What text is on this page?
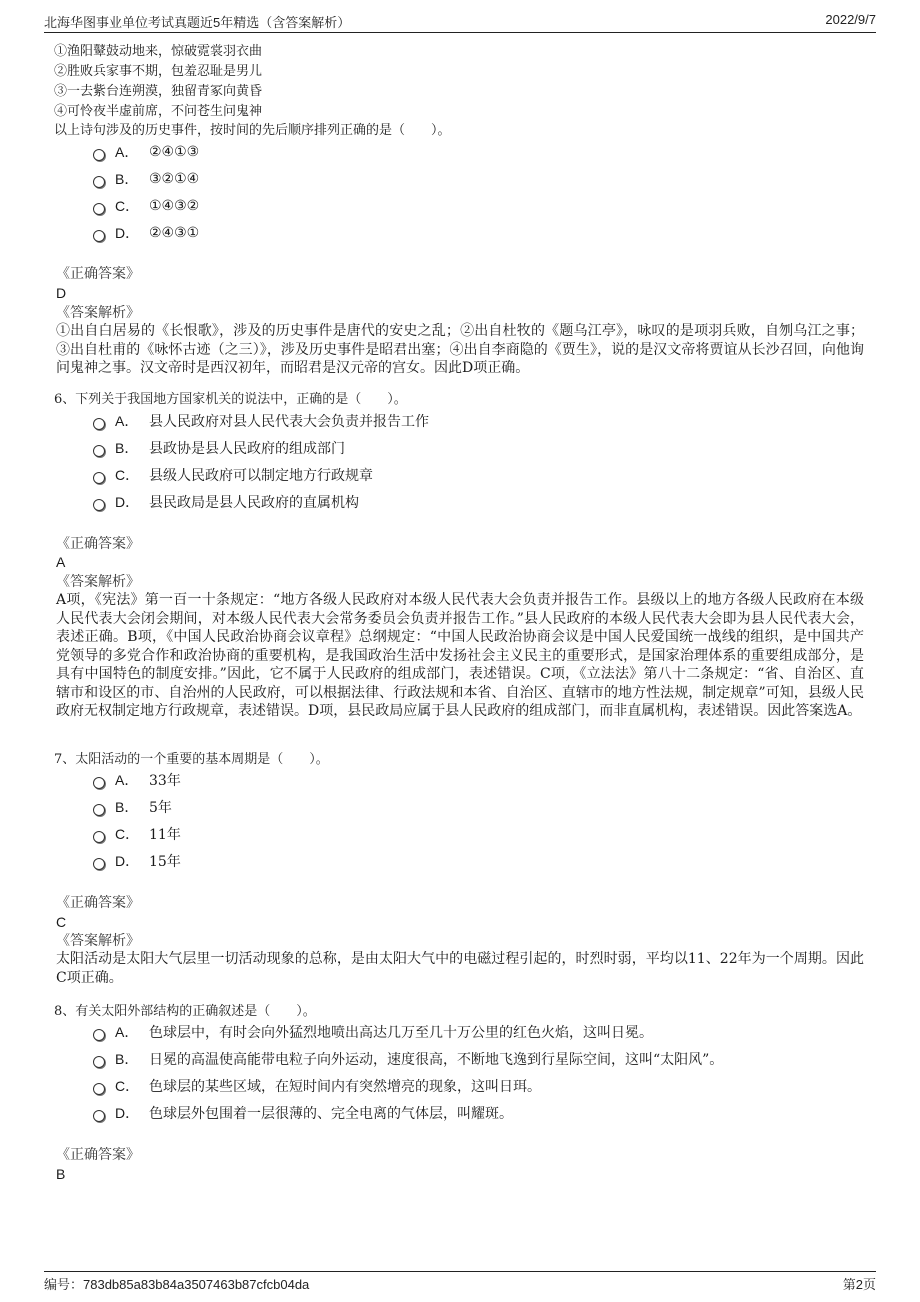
北海华图事业单位考试真题近5年精选（含答案解析）	2022/9/7
①渔阳鼙鼓动地来，惊破霓裳羽衣曲
②胜败兵家事不期，包羞忍耻是男儿
③一去紫台连朔漠，独留青冢向黄昏
④可怜夜半虚前席，不问苍生问鬼神
以上诗句涉及的历史事件，按时间的先后顺序排列正确的是（　　）。
A． ②④①③
B． ③②①④
C． ①④③②
D． ②④③①
《正确答案》
D
《答案解析》
①出自白居易的《长恨歌》，涉及的历史事件是唐代的安史之乱；②出自杜牧的《题乌江亭》，咏叹的是项羽兵败，自刎乌江之事；③出自杜甫的《咏怀古迹（之三）》，涉及历史事件是昭君出塞；④出自李商隐的《贾生》，说的是汉文帝将贾谊从长沙召回，向他询问鬼神之事。汉文帝时是西汉初年，而昭君是汉元帝的宫女。因此D项正确。
6、下列关于我国地方国家机关的说法中，正确的是（　　）。
A． 县人民政府对县人民代表大会负责并报告工作
B． 县政协是县人民政府的组成部门
C． 县级人民政府可以制定地方行政规章
D． 县民政局是县人民政府的直属机构
《正确答案》
A
《答案解析》
A项，《宪法》第一百一十条规定：“地方各级人民政府对本级人民代表大会负责并报告工作。县级以上的地方各级人民政府在本级人民代表大会闭会期间，对本级人民代表大会常务委员会负责并报告工作。”县人民政府的本级人民代表大会即为县人民代表大会，表述正确。B项，《中国人民政治协商会议章程》总纲规定：“中国人民政治协商会议是中国人民爱国统一战线的组织，是中国共产党领导的多党合作和政治协商的重要机构，是我国政治生活中发扬社会主义民主的重要形式，是国家治理体系的重要组成部分，是具有中国特色的制度安排。”因此，它不属于人民政府的组成部门，表述错误。C项，《立法法》第八十二条规定：“省、自治区、直辖市和设区的市、自治州的人民政府，可以根据法律、行政法规和本省、自治区、直辖市的地方性法规，制定规章”可知，县级人民政府无权制定地方行政规章，表述错误。D项，县民政局应属于县人民政府的组成部门，而非直属机构，表述错误。因此答案选A。
7、太阳活动的一个重要的基本周期是（　　）。
A． 33年
B． 5年
C． 11年
D． 15年
《正确答案》
C
《答案解析》
太阳活动是太阳大气层里一切活动现象的总称，是由太阳大气中的电磁过程引起的，时烈时弱，平均以11、22年为一个周期。因此C项正确。
8、有关太阳外部结构的正确叙述是（　　）。
A． 色球层中，有时会向外猛烈地喷出高达几万至几十万公里的红色火焰，这叫日冕。
B． 日冕的高温使高能带电粒子向外运动，速度很高，不断地飞逸到行星际空间，这叫“太阳风”。
C． 色球层的某些区域，在短时间内有突然增亮的现象，这叫日珥。
D． 色球层外包围着一层很薄的、完全电离的气体层，叫耀斑。
《正确答案》
B
编号：783db85a83b84a3507463b87cfcb04da	第2页
